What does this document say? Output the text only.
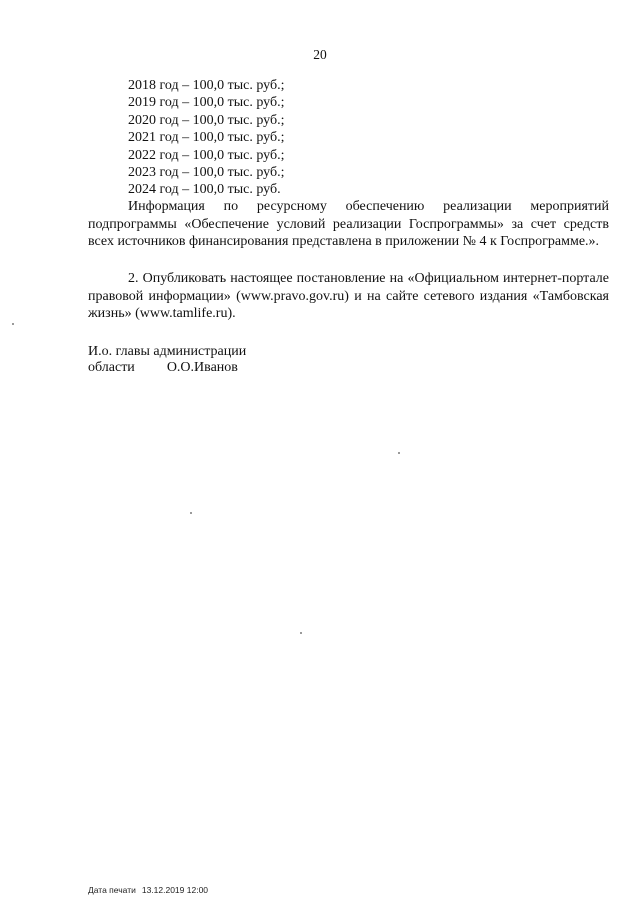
20
2018 год – 100,0 тыс. руб.;
2019 год – 100,0 тыс. руб.;
2020 год – 100,0 тыс. руб.;
2021 год – 100,0 тыс. руб.;
2022 год – 100,0 тыс. руб.;
2023 год – 100,0 тыс. руб.;
2024 год – 100,0 тыс. руб.

Информация по ресурсному обеспечению реализации мероприятий подпрограммы «Обеспечение условий реализации Госпрограммы» за счет средств всех источников финансирования представлена в приложении № 4 к Госпрограмме.».

2. Опубликовать настоящее постановление на «Официальном интернет-портале правовой информации» (www.pravo.gov.ru) и на сайте сетевого издания «Тамбовская жизнь» (www.tamlife.ru).

И.о. главы администрации
области О.О.Иванов
Дата печати 13.12.2019 12:00
